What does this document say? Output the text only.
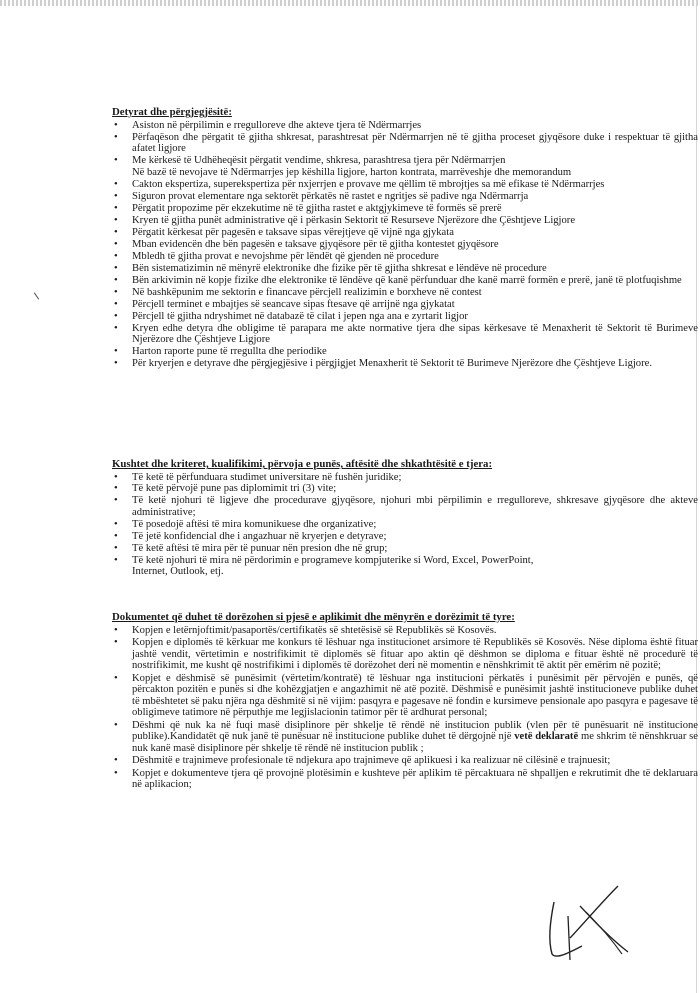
Detyrat dhe përgjegjësitë:
• Asiston në përpilimin e rregulloreve dhe akteve tjera të Ndërmarrjes
• Përfaqëson dhe përgatit të gjitha shkresat, parashtresat për Ndërmarrjen në të gjitha proceset gjyqësore duke i respektuar të gjitha afatet ligjore
• Me kërkesë të Udhëheqësit përgatit vendime, shkresa, parashtresa tjera për Ndërmarrjen
Në bazë të nevojave të Ndërmarrjes jep këshilla ligjore, harton kontrata, marrëveshje dhe memorandum
• Cakton ekspertiza, superekspertiza për nxjerrjen e provave me qëllim të mbrojtjes sa më efikase të Ndërmarrjes
• Siguron provat elementare nga sektorët përkatës në rastet e ngritjes së padive nga Ndërmarrja
• Përgatit propozime për ekzekutime në të gjitha rastet e aktgjykimeve të formës së prerë
• Kryen të gjitha punët administrative që i përkasin Sektorit të Resurseve Njerëzore dhe Çështjeve Ligjore
• Përgatit kërkesat për pagesën e taksave sipas vërejtjeve që vijnë nga gjykata
• Mban evidencën dhe bën pagesën e taksave gjyqësore për të gjitha kontestet gjyqësore
• Mbledh të gjitha provat e nevojshme për lëndët që gjenden në procedure
• Bën sistematizimin në mënyrë elektronike dhe fizike për të gjitha shkresat e lëndëve në procedure
• Bën arkivimin në kopje fizike dhe elektronike të lëndëve që kanë përfunduar dhe kanë marrë formën e prerë, janë të plotfuqishme
• Në bashkëpunim me sektorin e financave përcjell realizimin e borxheve në contest
• Përcjell terminet e mbajtjes së seancave sipas ftesave që arrijnë nga gjykatat
• Përcjell të gjitha ndryshimet në databazë të cilat i jepen nga ana e zyrtarit ligjor
• Kryen edhe detyra dhe obligime të parapara me akte normative tjera dhe sipas kërkesave të Menaxherit të Sektorit të Burimeve Njerëzore dhe Çështjeve Ligjore
• Harton raporte pune të rregullta dhe periodike
• Për kryerjen e detyrave dhe përgjegjësive i përgjigjet Menaxherit të Sektorit të Burimeve Njerëzore dhe Çështjeve Ligjore.
Kushtet dhe kriteret, kualifikimi, përvoja e punës, aftësitë dhe shkathtësitë e tjera:
• Të ketë të përfunduara studimet universitare në fushën juridike;
• Të ketë përvojë pune pas diplomimit tri (3) vite;
• Të ketë njohuri të ligjeve dhe procedurave gjyqësore, njohuri mbi përpilimin e rregulloreve, shkresave gjyqësore dhe akteve administrative;
• Të posedojë aftësi të mira komunikuese dhe organizative;
• Të jetë konfidencial dhe i angazhuar në kryerjen e detyrave;
• Të ketë aftësi të mira për të punuar nën presion dhe në grup;
• Të ketë njohuri të mira në përdorimin e programeve kompjuterike si Word, Excel, PowerPoint,
Internet, Outlook, etj.
Dokumentet që duhet të dorëzohen si pjesë e aplikimit dhe mënyrën e dorëzimit të tyre:
• Kopjen e letërnjoftimit/pasaportës/certifikatës së shtetësisë së Republikës së Kosovës.
• Kopjen e diplomës të kërkuar me konkurs të lëshuar nga institucionet arsimore të Republikës së Kosovës. Nëse diploma është fituar jashtë vendit, vërtetimin e nostrifikimit të diplomës së fituar apo aktin që dëshmon se diploma e fituar është në procedurë të nostrifikimit, me kusht që nostrifikimi i diplomës të dorëzohet deri në momentin e nënshkrimit të aktit për emërim në pozitë;
• Kopjet e dëshmisë së punësimit (vërtetim/kontratë) të lëshuar nga institucioni përkatës i punësimit për përvojën e punës, që përcakton pozitën e punës si dhe kohëzgjatjen e angazhimit në atë pozitë. Dëshmisë e punësimit jashtë institucioneve publike duhet të mbështetet së paku njëra nga dëshmitë si në vijim: pasqyra e pagesave në fondin e kursimeve pensionale apo pasqyra e pagesave të obligimeve tatimore në përputhje me legjislacionin tatimor për të ardhurat personal;
• Dëshmi që nuk ka në fuqi masë disiplinore për shkelje të rëndë në institucion publik (vlen për të punësuarit në institucione publike).Kandidatët që nuk janë të punësuar në institucione publike duhet të dërgojnë një vetë deklaratë me shkrim të nënshkruar se nuk kanë masë disiplinore për shkelje të rëndë në institucion publik ;
• Dëshmitë e trajnimeve profesionale të ndjekura apo trajnimeve që aplikuesi i ka realizuar në cilësinë e trajnuesit;
• Kopjet e dokumenteve tjera që provojnë plotësimin e kushteve për aplikim të përcaktuara në shpalljen e rekrutimit dhe të deklaruara në aplikacion;
